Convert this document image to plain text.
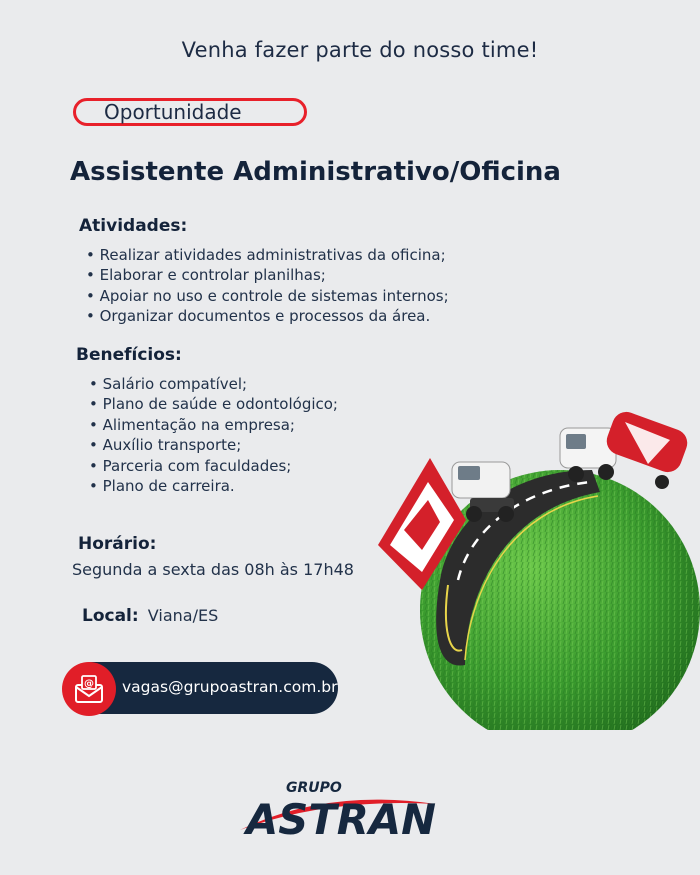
Venha fazer parte do nosso time!
Oportunidade
Assistente Administrativo/Oficina
Atividades:
• Realizar atividades administrativas da oficina;
• Elaborar e controlar planilhas;
• Apoiar no uso e controle de sistemas internos;
• Organizar documentos e processos da área.
Benefícios:
• Salário compatível;
• Plano de saúde e odontológico;
• Alimentação na empresa;
• Auxílio transporte;
• Parceria com faculdades;
• Plano de carreira.
Horário:
Segunda a sexta das 08h às 17h48
Local: Viana/ES
@ vagas@grupoastran.com.br
GRUPO
ASTRAN
